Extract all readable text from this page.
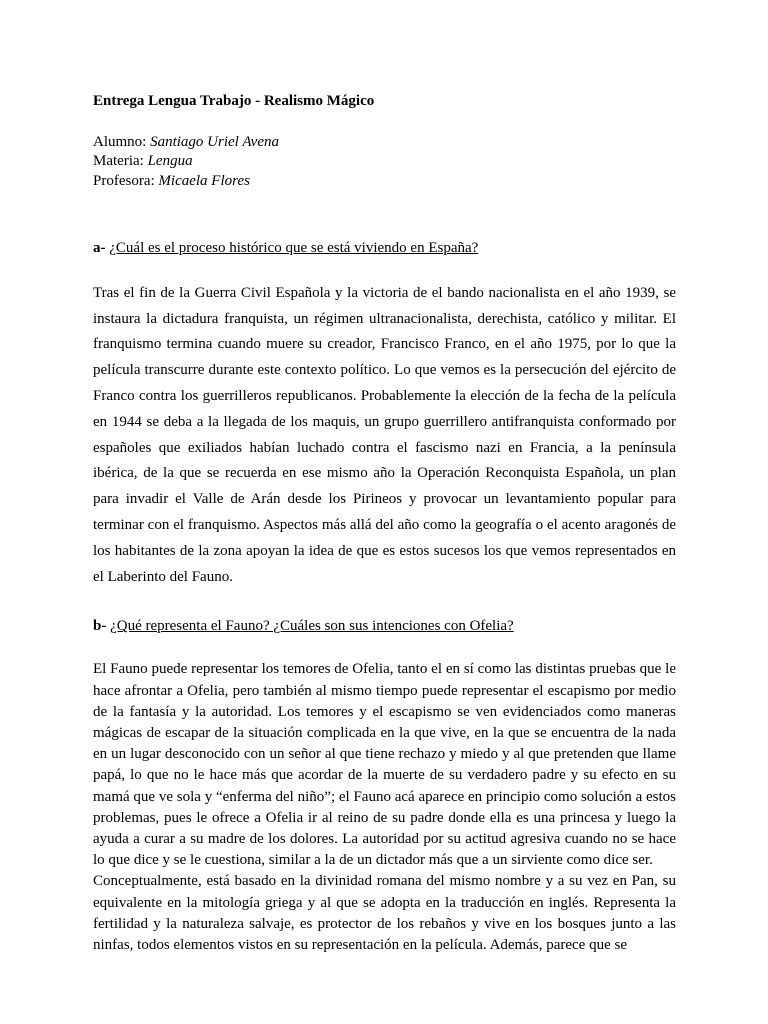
Entrega Lengua Trabajo - Realismo Mágico
Alumno: Santiago Uriel Avena
Materia: Lengua
Profesora: Micaela Flores
a- ¿Cuál es el proceso histórico que se está viviendo en España?

Tras el fin de la Guerra Civil Española y la victoria de el bando nacionalista en el año 1939, se instaura la dictadura franquista, un régimen ultranacionalista, derechista, católico y militar. El franquismo termina cuando muere su creador, Francisco Franco, en el año 1975, por lo que la película transcurre durante este contexto político. Lo que vemos es la persecución del ejército de Franco contra los guerrilleros republicanos. Probablemente la elección de la fecha de la película en 1944 se deba a la llegada de los maquis, un grupo guerrillero antifranquista conformado por españoles que exiliados habían luchado contra el fascismo nazi en Francia, a la península ibérica, de la que se recuerda en ese mismo año la Operación Reconquista Española, un plan para invadir el Valle de Arán desde los Pirineos y provocar un levantamiento popular para terminar con el franquismo. Aspectos más allá del año como la geografía o el acento aragonés de los habitantes de la zona apoyan la idea de que es estos sucesos los que vemos representados en el Laberinto del Fauno.

b- ¿Qué representa el Fauno? ¿Cuáles son sus intenciones con Ofelia?

El Fauno puede representar los temores de Ofelia, tanto el en sí como las distintas pruebas que le hace afrontar a Ofelia, pero también al mismo tiempo puede representar el escapismo por medio de la fantasía y la autoridad. Los temores y el escapismo se ven evidenciados como maneras mágicas de escapar de la situación complicada en la que vive, en la que se encuentra de la nada en un lugar desconocido con un señor al que tiene rechazo y miedo y al que pretenden que llame papá, lo que no le hace más que acordar de la muerte de su verdadero padre y su efecto en su mamá que ve sola y “enferma del niño”; el Fauno acá aparece en principio como solución a estos problemas, pues le ofrece a Ofelia ir al reino de su padre donde ella es una princesa y luego la ayuda a curar a su madre de los dolores. La autoridad por su actitud agresiva cuando no se hace lo que dice y se le cuestiona, similar a la de un dictador más que a un sirviente como dice ser.

Conceptualmente, está basado en la divinidad romana del mismo nombre y a su vez en Pan, su equivalente en la mitología griega y al que se adopta en la traducción en inglés. Representa la fertilidad y la naturaleza salvaje, es protector de los rebaños y vive en los bosques junto a las ninfas, todos elementos vistos en su representación en la película. Además, parece que se
